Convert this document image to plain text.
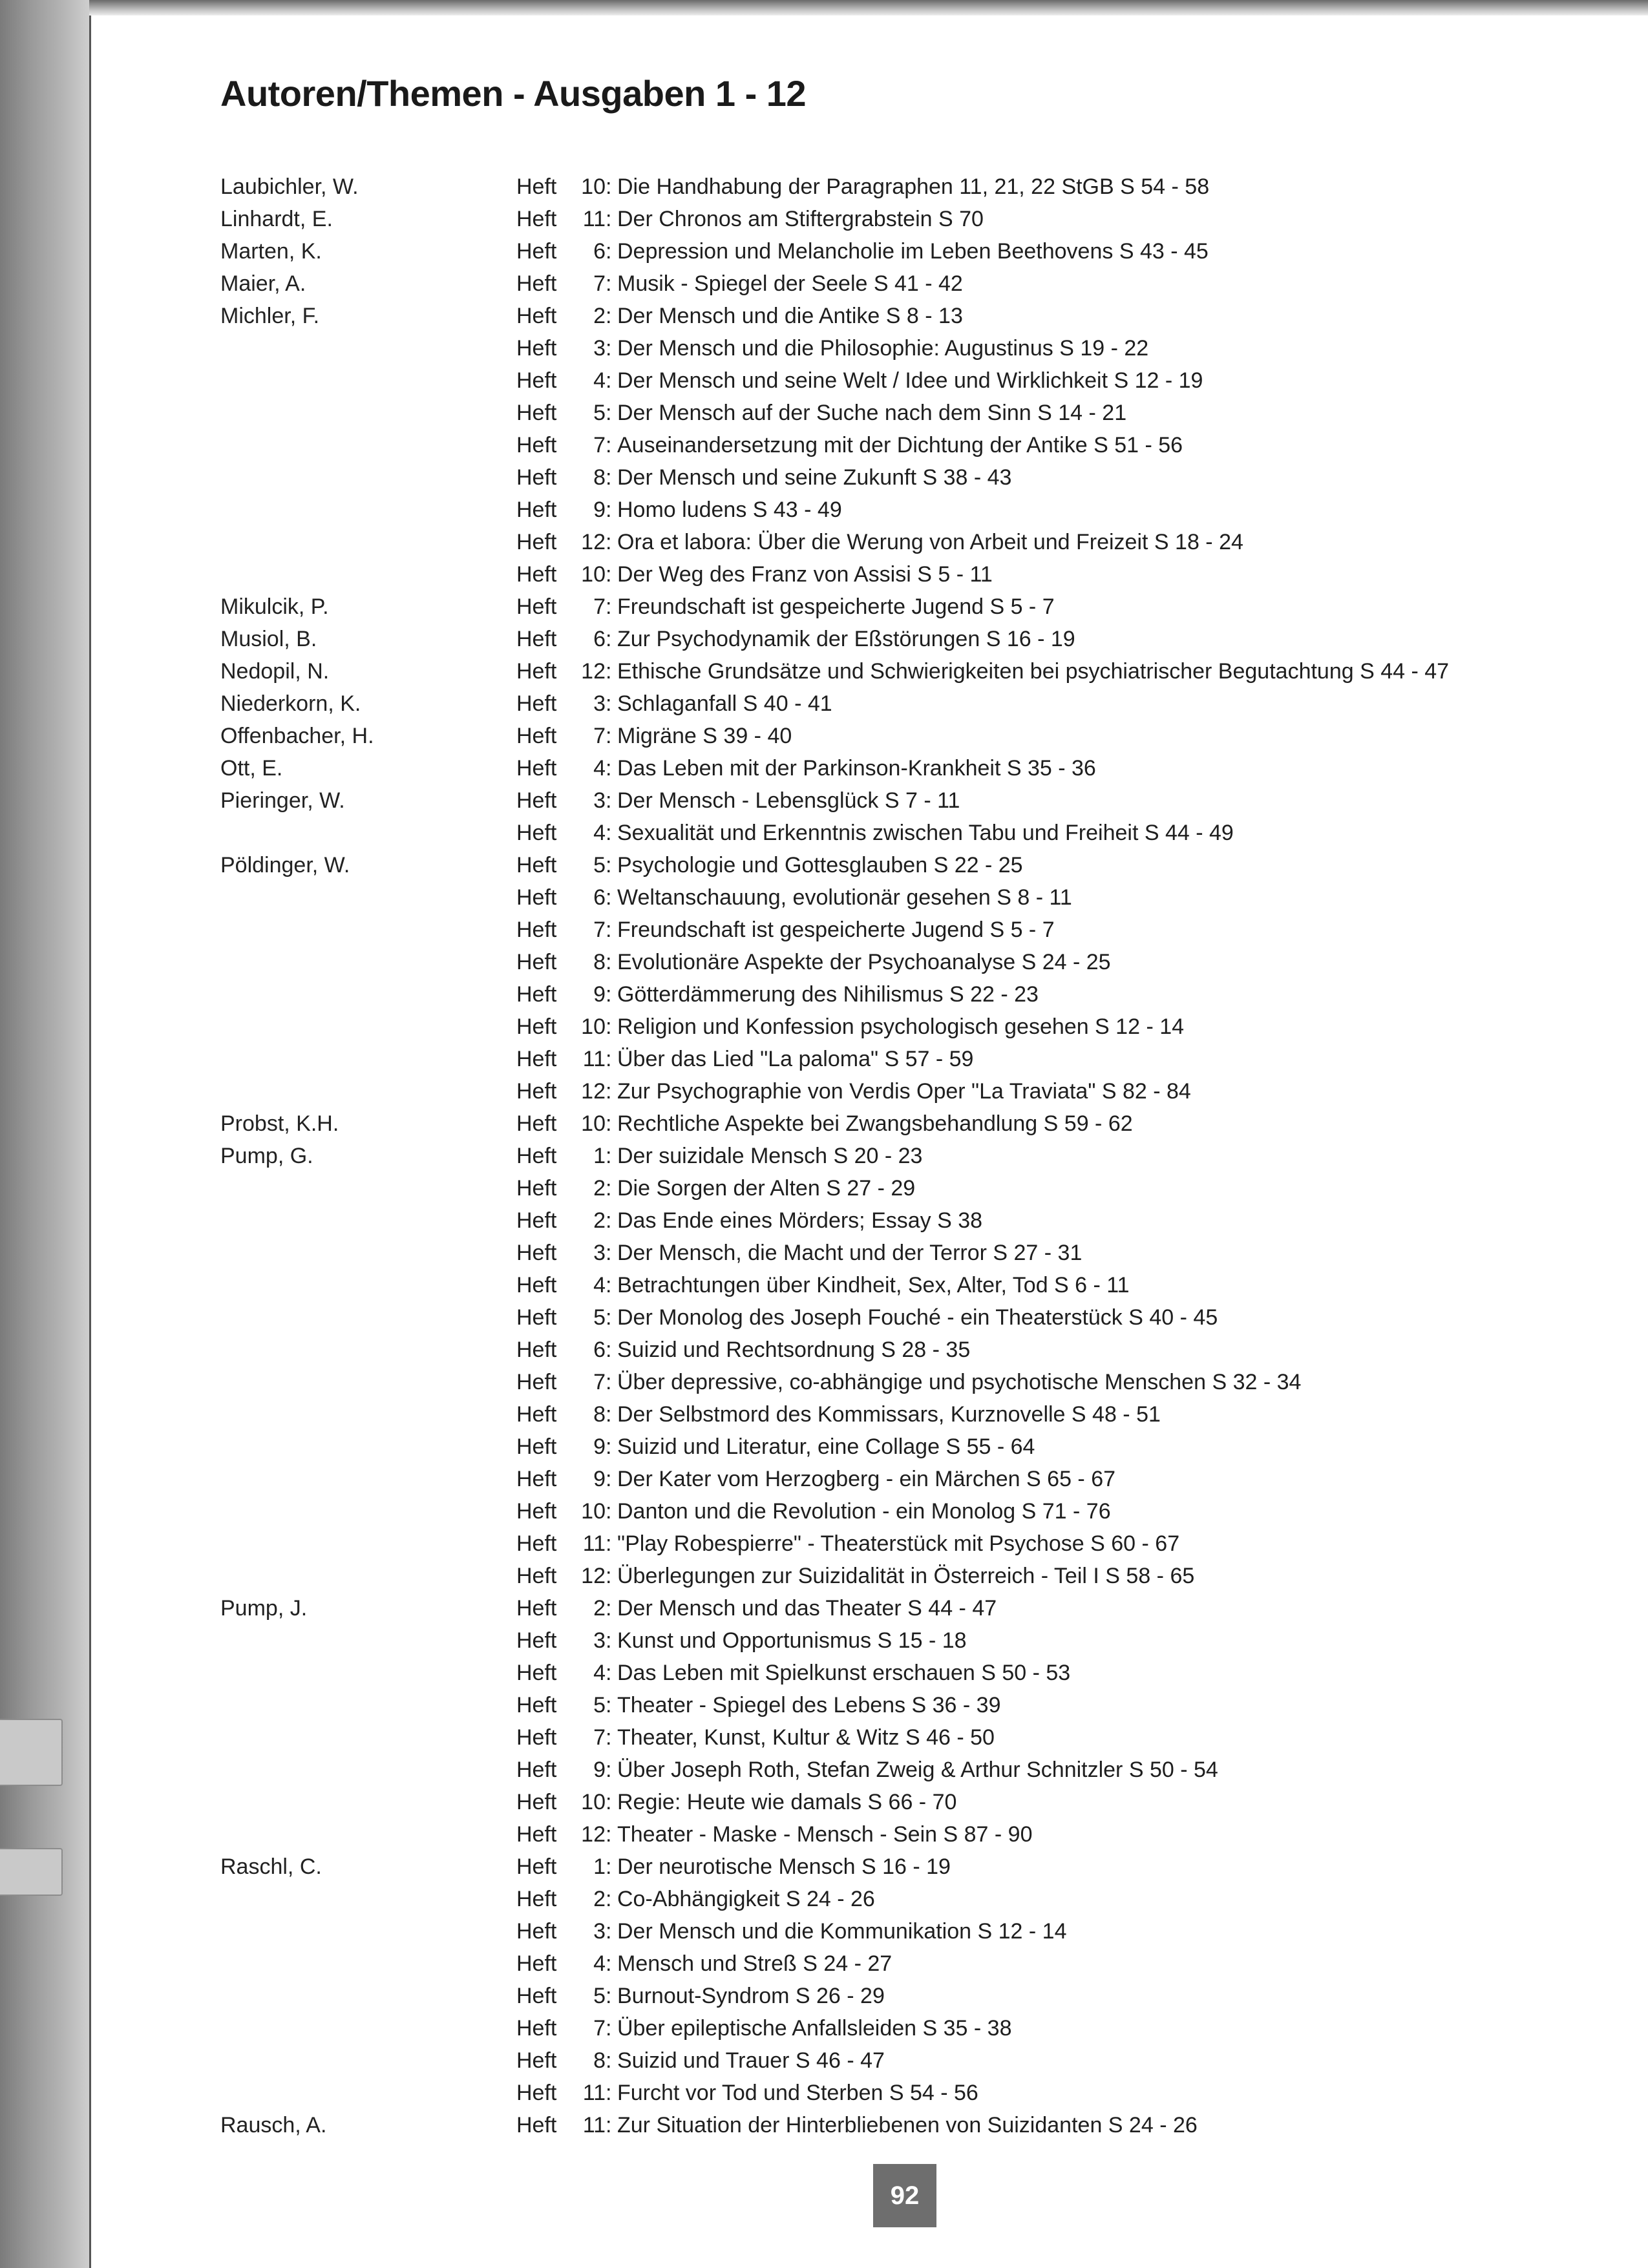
Autoren/Themen - Ausgaben 1 - 12
Laubichler, W.	Heft	10 : Die Handhabung der Paragraphen 11, 21, 22 StGB S 54 - 58
Linhardt, E.	Heft	11 : Der Chronos am Stiftergrabstein S 70
Marten, K.	Heft	6 : Depression und Melancholie im Leben Beethovens S 43 - 45
Maier, A.	Heft	7 : Musik - Spiegel der Seele S 41 - 42
Michler, F.	Heft	2 : Der Mensch und die Antike S 8 - 13
Heft	3 : Der Mensch und die Philosophie: Augustinus S 19 - 22
Heft	4 : Der Mensch und seine Welt / Idee und Wirklichkeit S 12 - 19
Heft	5 : Der Mensch auf der Suche nach dem Sinn S 14 - 21
Heft	7 : Auseinandersetzung mit der Dichtung der Antike S 51 - 56
Heft	8 : Der Mensch und seine Zukunft S 38 - 43
Heft	9 : Homo ludens S 43 - 49
Heft	12 : Ora et labora: Über die Werung von Arbeit und Freizeit S 18 - 24
Heft	10 : Der Weg des Franz von Assisi S 5 - 11
Mikulcik, P.	Heft	7 : Freundschaft ist gespeicherte Jugend S 5 - 7
Musiol, B.	Heft	6 : Zur Psychodynamik der Eßstörungen S 16 - 19
Nedopil, N.	Heft	12 : Ethische Grundsätze und Schwierigkeiten bei psychiatrischer Begutachtung S 44 - 47
Niederkorn, K.	Heft	3 : Schlaganfall S 40 - 41
Offenbacher, H.	Heft	7 : Migräne S 39 - 40
Ott, E.	Heft	4 : Das Leben mit der Parkinson-Krankheit S 35 - 36
Pieringer, W.	Heft	3 : Der Mensch - Lebensglück S 7 - 11
Heft	4 : Sexualität und Erkenntnis zwischen Tabu und Freiheit S 44 - 49
Pöldinger, W.	Heft	5 : Psychologie und Gottesglauben S 22 - 25
Heft	6 : Weltanschauung, evolutionär gesehen S 8 - 11
Heft	7 : Freundschaft ist gespeicherte Jugend S 5 - 7
Heft	8 : Evolutionäre Aspekte der Psychoanalyse S 24 - 25
Heft	9 : Götterdämmerung des Nihilismus S 22 - 23
Heft	10 : Religion und Konfession psychologisch gesehen S 12 - 14
Heft	11 : Über das Lied "La paloma" S 57 - 59
Heft	12 : Zur Psychographie von Verdis Oper "La Traviata" S 82 - 84
Probst, K.H.	Heft	10 : Rechtliche Aspekte bei Zwangsbehandlung S 59 - 62
Pump, G.	Heft	1 : Der suizidale Mensch S 20 - 23
Heft	2 : Die Sorgen der Alten S 27 - 29
Heft	2 : Das Ende eines Mörders; Essay S 38
Heft	3 : Der Mensch, die Macht und der Terror S 27 - 31
Heft	4 : Betrachtungen über Kindheit, Sex, Alter, Tod S 6 - 11
Heft	5 : Der Monolog des Joseph Fouché - ein Theaterstück S 40 - 45
Heft	6 : Suizid und Rechtsordnung S 28 - 35
Heft	7 : Über depressive, co-abhängige und psychotische Menschen S 32 - 34
Heft	8 : Der Selbstmord des Kommissars, Kurznovelle S 48 - 51
Heft	9 : Suizid und Literatur, eine Collage S 55 - 64
Heft	9 : Der Kater vom Herzogberg - ein Märchen S 65 - 67
Heft	10 : Danton und die Revolution - ein Monolog S 71 - 76
Heft	11 : "Play Robespierre" - Theaterstück mit Psychose S 60 - 67
Heft	12 : Überlegungen zur Suizidalität in Österreich - Teil I S 58 - 65
Pump, J.	Heft	2 : Der Mensch und das Theater S 44 - 47
Heft	3 : Kunst und Opportunismus S 15 - 18
Heft	4 : Das Leben mit Spielkunst erschauen S 50 - 53
Heft	5 : Theater - Spiegel des Lebens S 36 - 39
Heft	7 : Theater, Kunst, Kultur & Witz S 46 - 50
Heft	9 : Über Joseph Roth, Stefan Zweig & Arthur Schnitzler S 50 - 54
Heft	10 : Regie: Heute wie damals S 66 - 70
Heft	12 : Theater - Maske - Mensch - Sein S 87 - 90
Raschl, C.	Heft	1 : Der neurotische Mensch S 16 - 19
Heft	2 : Co-Abhängigkeit S 24 - 26
Heft	3 : Der Mensch und die Kommunikation S 12 - 14
Heft	4 : Mensch und Streß S 24 - 27
Heft	5 : Burnout-Syndrom S 26 - 29
Heft	7 : Über epileptische Anfallsleiden S 35 - 38
Heft	8 : Suizid und Trauer S 46 - 47
Heft	11 : Furcht vor Tod und Sterben S 54 - 56
Rausch, A.	Heft	11 : Zur Situation der Hinterbliebenen von Suizidanten S 24 - 26
92
